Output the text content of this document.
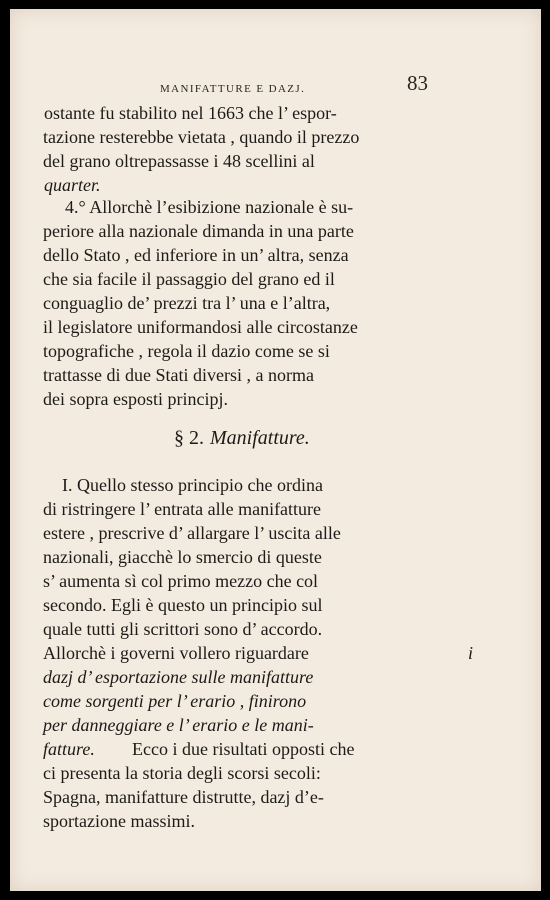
MANIFATTURE E DAZJ.	83
ostante fu stabilito nel 1663 che l’ espor-
tazione resterebbe vietata , quando il prezzo
del grano oltrepassasse i 48 scellini al
quarter.
4.° Allorchè l’esibizione nazionale è su-
periore alla nazionale dimanda in una parte
dello Stato , ed inferiore in un’ altra, senza
che sia facile il passaggio del grano ed il
conguaglio de’ prezzi tra l’ una e l’altra,
il legislatore uniformandosi alle circostanze
topografiche , regola il dazio come se si
trattasse di due Stati diversi , a norma
dei sopra esposti principj.
§ 2. Manifatture.
I. Quello stesso principio che ordina
di ristringere l’ entrata alle manifatture
estere , prescrive d’ allargare l’ uscita alle
nazionali, giacchè lo smercio di queste
s’ aumenta sì col primo mezzo che col
secondo. Egli è questo un principio sul
quale tutti gli scrittori sono d’ accordo.
Allorchè i governi vollero riguardare	i
dazj d’ esportazione sulle manifatture
come sorgenti per l’ erario , finirono
per danneggiare e l’ erario e le mani-
fatture. Ecco i due risultati opposti che
ci presenta la storia degli scorsi secoli:
Spagna, manifatture distrutte, dazj d’e-
sportazione massimi.
